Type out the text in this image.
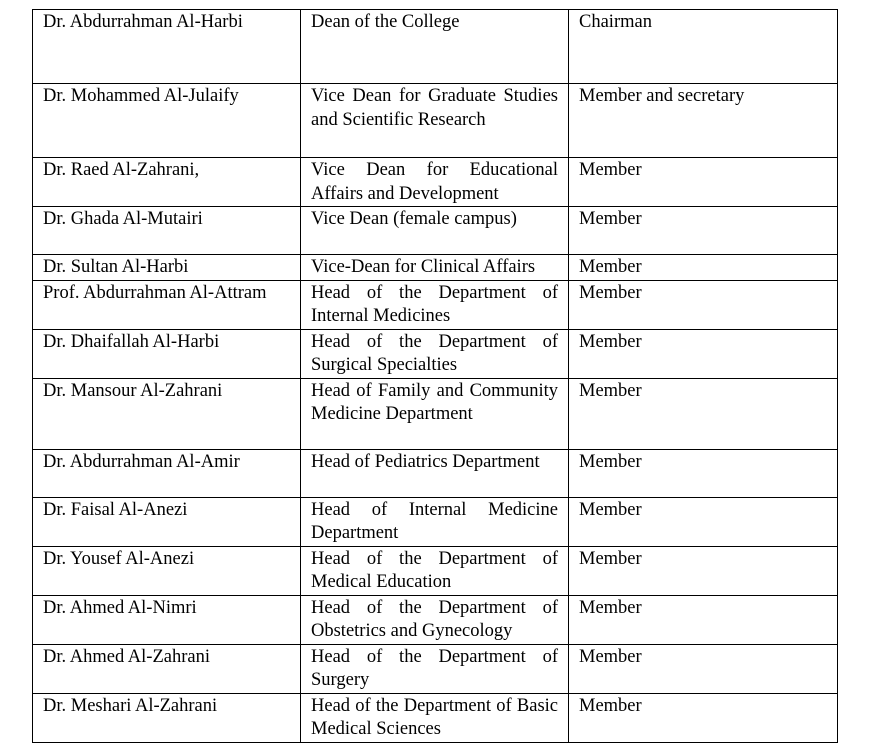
Dr. Abdurrahman Al-Harbi	Dean of the College	Chairman
Dr. Mohammed Al-Julaify	Vice Dean for Graduate Studies and Scientific Research	Member and secretary
Dr. Raed Al-Zahrani,	Vice Dean for Educational Affairs and Development	Member
Dr. Ghada Al-Mutairi	Vice Dean (female campus)	Member
Dr. Sultan Al-Harbi	Vice-Dean for Clinical Affairs	Member
Prof. Abdurrahman Al-Attram	Head of the Department of Internal Medicines	Member
Dr. Dhaifallah Al-Harbi	Head of the Department of Surgical Specialties	Member
Dr. Mansour Al-Zahrani	Head of Family and Community Medicine Department	Member
Dr. Abdurrahman Al-Amir	Head of Pediatrics Department	Member
Dr. Faisal Al-Anezi	Head of Internal Medicine Department	Member
Dr. Yousef Al-Anezi	Head of the Department of Medical Education	Member
Dr. Ahmed Al-Nimri	Head of the Department of Obstetrics and Gynecology	Member
Dr. Ahmed Al-Zahrani	Head of the Department of Surgery	Member
Dr. Meshari Al-Zahrani	Head of the Department of Basic Medical Sciences	Member
